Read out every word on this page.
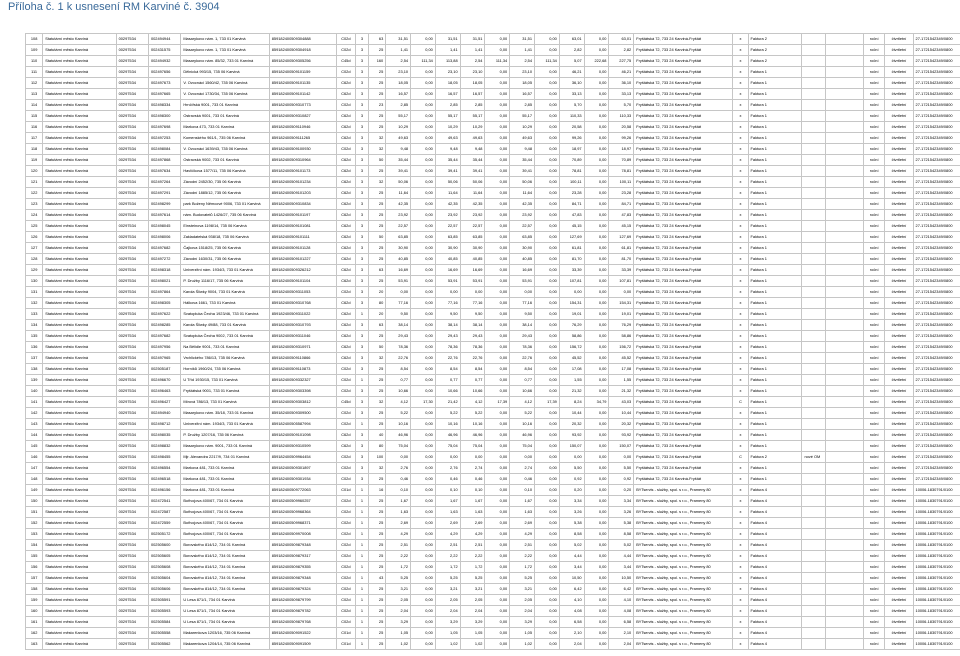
Příloha č. 1 k usnesení RM Karviné č. 3904
108	Statutární město Karviná	00297534	002494944	Masarykovo nám. 1, 733 01 Karviná	859182400509304888	C02d	3	63	31,51	0,00	31,51	31,51	0,00	31,51	0,00	63,01	0,00	63,01	Fryštátská 72, 733 24 Karviná-Fryštát	x	Faktura 2			roční	čtvrtletní	27-1721542349/0800
109	Statutární město Karviná	00297534	002431575	Masarykovo nám. 1, 733 01 Karviná	859182400509304918	C02d	3	25	1,41	0,00	1,41	1,41	0,00	1,41	0,00	2,82	0,00	2,82	Fryštátská 72, 733 24 Karviná-Fryštát	x	Faktura 2			roční	čtvrtletní	27-1721542349/0800
110	Statutární město Karviná	00297534	002494932	Masarykovo nám. 85/32, 733 01 Karviná	859182400509305256	C45d	3	160	2,54	111,34	113,88	2,54	111,34	2,54	111,34	5,07	222,68	227,75	Fryštátská 72, 733 24 Karviná-Fryštát	x	Faktura 2			roční	čtvrtletní	27-1721542349/0800
111	Statutární město Karviná	00297534	002497656	Dělnická 993/15, 735 06 Karviná	859182400509101159	C02d	3	25	23,10	0,00	23,10	23,10	0,00	23,10	0,00	46,21	0,00	46,21	Fryštátská 72, 733 24 Karviná-Fryštát	x	Faktura 1			roční	čtvrtletní	27-1721542349/0800
112	Statutární město Karviná	00297534	002497673	V. Ovocnáci 1560/42, 735 06 Karviná	859182400509101135	C62d	3	25	18,05	0,00	18,05	18,05	0,00	18,05	0,00	36,10	0,00	36,10	Fryštátská 72, 733 24 Karviná-Fryštát	x	Faktura 1			roční	čtvrtletní	27-1721542349/0800
113	Statutární město Karviná	00297534	002497665	V. Ovocnáci 1730/34, 735 06 Karviná	859182400509101142	C62d	3	25	16,57	0,00	16,57	16,57	0,00	16,57	0,00	33,13	0,00	33,13	Fryštátská 72, 733 24 Karviná-Fryštát	x	Faktura 1			roční	čtvrtletní	27-1721542349/0800
114	Statutární město Karviná	00297534	002498334	Hrnčířská 9001, 733 01 Karviná	859182400509310773	C02d	3	23	2,85	0,00	2,85	2,85	0,00	2,85	0,00	5,70	0,00	5,70	Fryštátská 72, 733 24 Karviná-Fryštát	x	Faktura 1			roční	čtvrtletní	27-1721542349/0800
115	Statutární město Karviná	00297534	002498300	Ostravská 9001, 733 01 Karviná	859182400509310827	C62d	3	25	55,17	0,00	55,17	55,17	0,00	55,17	0,00	110,33	0,00	110,33	Fryštátská 72, 733 24 Karviná-Fryštát	x	Faktura 1			roční	čtvrtletní	27-1721542349/0800
116	Statutární město Karviná	00297534	002497698	Markova 473, 733 01 Karviná	859182400509110946	C62d	3	25	10,29	0,00	10,29	10,29	0,00	10,29	0,00	20,58	0,00	20,58	Fryštátská 72, 733 24 Karviná-Fryštát	x	Faktura 1			roční	čtvrtletní	27-1721542349/0800
117	Statutární město Karviná	00297534	002497253	Komenského 961/1, 735 06 Karviná	859182400509111265	C62d	3	32	49,63	0,00	49,63	49,63	0,00	49,63	0,00	99,26	0,00	99,26	Fryštátská 72, 733 24 Karviná-Fryštát	x	Faktura 1			roční	čtvrtletní	27-1721542349/0800
118	Statutární město Karviná	00297534	002498084	V. Ovocnáci 1639/43, 735 06 Karviná	859182400509100930	C02d	3	32	9,48	0,00	9,48	9,48	0,00	9,48	0,00	18,97	0,00	18,97	Fryštátská 72, 733 24 Karviná-Fryštát	x	Faktura 1			roční	čtvrtletní	27-1721542349/0800
119	Statutární město Karviná	00297534	002497868	Ostravská 9002, 733 01 Karviná	859182400509310964	C62d	3	50	35,44	0,00	35,44	35,44	0,00	35,44	0,00	70,89	0,00	70,89	Fryštátská 72, 733 24 Karviná-Fryštát	x	Faktura 1			roční	čtvrtletní	27-1721542349/0800
120	Statutární město Karviná	00297534	002497634	Havlíčkova 1577/11, 735 06 Karviná	859182400509101173	C62d	3	25	39,41	0,00	39,41	39,41	0,00	39,41	0,00	78,81	0,00	78,81	Fryštátská 72, 733 24 Karviná-Fryštát	x	Faktura 1			roční	čtvrtletní	27-1721542349/0800
121	Statutární město Karviná	00297534	002497264	Závodní 2452/30, 735 06 Karviná	859182400509101234	C62d	3	32	50,06	0,00	50,06	50,06	0,00	50,06	0,00	100,11	0,00	100,11	Fryštátská 72, 733 24 Karviná-Fryštát	x	Faktura 1			roční	čtvrtletní	27-1721542349/0800
122	Statutární město Karviná	00297534	002497291	Závodní 1885/12, 735 06 Karviná	859182400509101203	C62d	3	25	11,64	0,00	11,64	11,64	0,00	11,64	0,00	23,28	0,00	23,28	Fryštátská 72, 733 24 Karviná-Fryštát	x	Faktura 1			roční	čtvrtletní	27-1721542349/0800
123	Statutární město Karviná	00297534	002498299	park Boženy Němcové 9006, 733 01 Karviná	859182400509310834	C62d	3	25	42,35	0,00	42,35	42,35	0,00	42,35	0,00	84,71	0,00	84,71	Fryštátská 72, 733 24 Karviná-Fryštát	x	Faktura 1			roční	čtvrtletní	27-1721542349/0800
124	Statutární město Karviná	00297534	002497614	nám. Budovatelů 1426/27, 735 06 Karviná	859182400509101197	C62d	3	25	23,92	0,00	23,92	23,92	0,00	23,92	0,00	47,83	0,00	47,83	Fryštátská 72, 733 24 Karviná-Fryštát	x	Faktura 1			roční	čtvrtletní	27-1721542349/0800
125	Statutární město Karviná	00297534	002498045	Einsteinova 1198/14, 735 06 Karviná	859182400509101081	C62d	3	25	22,57	0,00	22,57	22,57	0,00	22,57	0,00	45,15	0,00	45,15	Fryštátská 72, 733 24 Karviná-Fryštát	x	Faktura 1			roční	čtvrtletní	27-1721542349/0800
126	Statutární město Karviná	00297534	002498006	Zakladatelská 938/18, 735 06 Karviná	859182400509101111	C62d	3	50	63,85	0,00	63,85	63,85	0,00	63,85	0,00	127,69	0,00	127,69	Fryštátská 72, 733 24 Karviná-Fryštát	x	Faktura 1			roční	čtvrtletní	27-1721542349/0800
127	Statutární město Karviná	00297534	002497682	Čajkova 1518/25, 735 06 Karviná	859182400509101128	C62d	3	25	30,90	0,00	30,90	30,90	0,00	30,90	0,00	61,81	0,00	61,81	Fryštátská 72, 733 24 Karviná-Fryštát	x	Faktura 1			roční	čtvrtletní	27-1721542349/0800
128	Statutární město Karviná	00297534	002497272	Závodní 1630/31, 735 06 Karviná	859182400509101227	C62d	3	25	40,85	0,00	40,85	40,85	0,00	40,85	0,00	81,70	0,00	81,70	Fryštátská 72, 733 24 Karviná-Fryštát	x	Faktura 1			roční	čtvrtletní	27-1721542349/0800
129	Statutární město Karviná	00297534	002498318	Univerzitní nám. 1934/3, 733 01 Karviná	859182400509326212	C62d	3	63	16,69	0,00	16,69	16,69	0,00	16,69	0,00	33,39	0,00	33,39	Fryštátská 72, 733 24 Karviná-Fryštát	x	Faktura 1			roční	čtvrtletní	27-1721542349/0800
130	Statutární město Karviná	00297534	002498021	P. Družby 1116/17, 735 06 Karviná	859182400509101104	C62d	3	25	53,91	0,00	53,91	53,91	0,00	53,91	0,00	107,81	0,00	107,81	Fryštátská 72, 733 24 Karviná-Fryštát	x	Faktura 1			roční	čtvrtletní	27-1721542349/0800
131	Statutární město Karviná	00297534	002497864	Karola Śliwky 9004, 733 01 Karviná	859182400509311053	C02d	3	20	0,00	0,00	0,00	0,00	0,00	0,00	0,00	0,00	0,00	0,00	Fryštátská 72, 733 24 Karviná-Fryštát	x	Faktura 1			roční	čtvrtletní	27-1721542349/0800
132	Statutární město Karviná	00297534	002498305	Hálkova 1661, 733 01 Karviná	859182400509310768	C62d	3	80	77,16	0,00	77,16	77,16	0,00	77,16	0,00	154,31	0,00	154,31	Fryštátská 72, 733 24 Karviná-Fryštát	x	Faktura 1			roční	čtvrtletní	27-1721542349/0800
133	Statutární město Karviná	00297534	002497622	Svatopluka Čecha 1923/46, 733 01 Karviná	859182400509311022	C62d	1	20	9,50	0,00	9,50	9,50	0,00	9,50	0,00	19,01	0,00	19,01	Fryštátská 72, 733 24 Karviná-Fryštát	x	Faktura 1			roční	čtvrtletní	27-1721542349/0800
134	Statutární město Karviná	00297534	002498285	Karola Śliwky 49/88, 733 01 Karviná	859182400509310793	C62d	3	63	38,14	0,00	38,14	38,14	0,00	38,14	0,00	76,29	0,00	76,29	Fryštátská 72, 733 24 Karviná-Fryštát	x	Faktura 1			roční	čtvrtletní	27-1721542349/0800
135	Statutární město Karviná	00297534	002497682	Svatopluka Čecha 9002, 733 01 Karviná	859182400509311046	C62d	3	25	29,43	0,00	29,43	29,43	0,00	29,43	0,00	58,86	0,00	58,86	Fryštátská 72, 733 24 Karviná-Fryštát	x	Faktura 1			roční	čtvrtletní	27-1721542349/0800
136	Statutární město Karviná	00297534	002497956	Na Bělidle 9001, 733 01 Karviná	859182400509310971	C62d	3	50	78,36	0,00	78,36	78,36	0,00	78,36	0,00	156,72	0,00	156,72	Fryštátská 72, 733 24 Karviná-Fryštát	x	Faktura 1			roční	čtvrtletní	27-1721542349/0800
137	Statutární město Karviná	00297534	002497965	Vrchlického 786/13, 735 06 Karviná	859182400509110866	C62d	3	32	22,76	0,00	22,76	22,76	0,00	22,76	0,00	45,52	0,00	45,52	Fryštátská 72, 733 24 Karviná-Fryštát	x	Faktura 1			roční	čtvrtletní	27-1721542349/0800
138	Statutární město Karviná	00297534	002505187	Horníků 1960/24, 735 06 Karviná	859182400509110873	C02d	3	25	8,54	0,00	8,54	8,54	0,00	8,54	0,00	17,08	0,00	17,08	Fryštátská 72, 733 24 Karviná-Fryštát	x	Faktura 1			roční	čtvrtletní	27-1721542349/0800
139	Statutární město Karviná	00297534	002496670	U Tříd 1930/15, 733 01 Karviná	859182400509332327	C02d	1	25	0,77	0,00	0,77	0,77	0,00	0,77	0,00	1,55	0,00	1,55	Fryštátská 72, 733 24 Karviná-Fryštát	x	Faktura 1			roční	čtvrtletní	27-1721542349/0800
140	Statutární město Karviná	00297534	002496463	Fryštátská 9001, 733 01 Karviná	859182400509303398	C02d	3	25	10,66	0,00	10,66	10,66	0,00	10,66	0,00	21,32	0,00	21,32	Fryštátská 72, 733 24 Karviná-Fryštát	x	Faktura 1			roční	čtvrtletní	27-1721542349/0800
141	Statutární město Karviná	00297534	002496427	Mírová 786/13, 733 01 Karviná	859182400509303812	C45d	3	32	4,12	17,30	21,42	4,12	17,39	4,12	17,39	8,24	34,79	43,03	Fryštátská 72, 733 24 Karviná-Fryštát	C	Faktura 1			roční	čtvrtletní	27-1721542349/0800
142	Statutární město Karviná	00297534	002494940	Masarykovo nám. 35/18, 733 01 Karviná	859182400509309500	C02d	3	25	5,22	0,00	5,22	5,22	0,00	5,22	0,00	10,44	0,00	10,44	Fryštátská 72, 733 24 Karviná-Fryštát	x	Faktura 1			roční	čtvrtletní	27-1721542349/0800
143	Statutární město Karviná	00297534	002498712	Univerzitní nám. 1934/3, 733 01 Karviná	859182400505587994	C02d	1	25	10,16	0,00	10,16	10,16	0,00	10,16	0,00	20,32	0,00	20,32	Fryštátská 72, 733 24 Karviná-Fryštát	x	Faktura 1			roční	čtvrtletní	27-1721542349/0800
144	Statutární město Karviná	00297534	002498035	P. Družby 1207/16, 735 06 Karviná	859182400509101098	C62d	3	40	46,96	0,00	46,96	46,96	0,00	46,96	0,00	93,92	0,00	93,92	Fryštátská 72, 733 24 Karviná-Fryštát	x	Faktura 1			roční	čtvrtletní	27-1721542349/0800
145	Statutární město Karviná	00297534	002498832	Masarykovo nám. 9001, 733 01 Karviná	859182400509310599	C62d	3	80	75,04	0,00	75,04	75,04	0,00	75,04	0,00	150,07	0,00	150,07	Fryštátská 72, 733 24 Karviná-Fryštát	x	Faktura 1			roční	čtvrtletní	27-1721542349/0800
146	Statutární město Karviná	00297534	002498455	Mjr. Alexandra 2217/9, 734 01 Karviná	859182400509964454	C02d	3	100	0,00	0,00	0,00	0,00	0,00	0,00	0,00	0,00	0,00	0,00	Fryštátská 72, 733 24 Karviná-Fryštát	C	Faktura 2	nové OM		roční	čtvrtletní	27-1721542349/0800
147	Statutární město Karviná	00297534	002496554	Markova 481, 733 01 Karviná	859182400509301897	C02d	3	32	2,76	0,00	2,76	2,74	0,00	2,74	0,00	5,50	0,00	5,50	Fryštátská 72, 733 24 Karviná-Fryštát	x	Faktura 1			roční	čtvrtletní	27-1721542349/0800
148	Statutární město Karviná	00297534	002496518	Markova 481, 733 01 Karviná	859182400509301934	C02d	3	25	0,46	0,00	0,46	0,46	0,00	0,46	0,00	0,92	0,00	0,92	Fryštátská 72, 733 24 Karviná-Fryštát	x	Faktura 1			roční	čtvrtletní	27-1721542349/0800
149	Statutární město Karviná	00297534	002496156	Markova 481, 733 01 Karviná	859182400509772063	C01d	1	16	0,10	0,00	0,10	0,10	0,00	0,10	0,00	0,20	0,00	0,20	BYTservis - služby, spol. s r.o., Prameny 80	x	Faktura 4			roční	čtvrtletní	10006-1830791/0100
150	Statutární město Karviná	00297534	002472541	Bořivojova 400/67, 734 01 Karviná	859182400509960257	C02d	1	25	1,67	0,00	1,67	1,67	0,00	1,67	0,00	3,34	0,00	3,34	BYTservis - služby, spol. s r.o., Prameny 80	x	Faktura 4			roční	čtvrtletní	10006-1830791/0100
151	Statutární město Karviná	00297534	002472587	Bořivojova 400/67, 734 01 Karviná	859182400509968364	C02d	1	25	1,63	0,00	1,63	1,63	0,00	1,63	0,00	3,26	0,00	3,26	BYTservis - služby, spol. s r.o., Prameny 80	x	Faktura 4			roční	čtvrtletní	10006-1830791/0100
152	Statutární město Karviná	00297534	002472559	Bořivojova 400/67, 734 01 Karviná	859182400509968371	C02d	1	25	2,69	0,00	2,69	2,69	0,00	2,69	0,00	5,38	0,00	5,38	BYTservis - služby, spol. s r.o., Prameny 80	x	Faktura 4			roční	čtvrtletní	10006-1830791/0100
153	Statutární město Karviná	00297534	002505172	Bořivojova 400/67, 734 01 Karviná	859182400509970008	C02d	1	25	4,29	0,00	4,29	4,29	0,00	4,29	0,00	8,58	0,00	8,58	BYTservis - služby, spol. s r.o., Prameny 80	x	Faktura 4			roční	čtvrtletní	10006-1830791/0100
154	Statutární město Karviná	00297534	002505600	Borovského 814/12, 734 01 Karviná	859182400509879348	C02d	1	25	2,51	0,00	2,51	2,51	0,00	2,51	0,00	5,02	0,00	5,02	BYTservis - služby, spol. s r.o., Prameny 80	x	Faktura 4			roční	čtvrtletní	10006-1830791/0100
155	Statutární město Karviná	00297534	002505605	Borovského 814/12, 734 01 Karviná	859182400509879317	C02d	1	25	2,22	0,00	2,22	2,22	0,00	2,22	0,00	4,44	0,00	4,44	BYTservis - služby, spol. s r.o., Prameny 80	x	Faktura 4			roční	čtvrtletní	10006-1830791/0100
156	Statutární město Karviná	00297534	002505608	Borovského 814/12, 734 01 Karviná	859182400509879355	C02d	1	25	1,72	0,00	1,72	1,72	0,00	1,72	0,00	3,44	0,00	3,44	BYTservis - služby, spol. s r.o., Prameny 80	x	Faktura 4			roční	čtvrtletní	10006-1830791/0100
157	Statutární město Karviná	00297534	002505604	Borovského 814/12, 734 01 Karviná	859182400509879348	C02d	1	43	5,25	0,00	5,25	5,25	0,00	5,25	0,00	10,50	0,00	10,50	BYTservis - služby, spol. s r.o., Prameny 80	x	Faktura 4			roční	čtvrtletní	10006-1830791/0100
158	Statutární město Karviná	00297534	002505606	Borovského 814/12, 734 01 Karviná	859182400509879324	C02d	1	25	3,21	0,00	3,21	3,21	0,00	3,21	0,00	6,42	0,00	6,42	BYTservis - služby, spol. s r.o., Prameny 80	x	Faktura 4			roční	čtvrtletní	10006-1830791/0100
159	Statutární město Karviná	00297534	002505591	U Lesa 871/1, 734 01 Karviná	859182400509879799	C02d	1	25	2,05	0,00	2,05	2,05	0,00	2,05	0,00	4,10	0,00	4,10	BYTservis - služby, spol. s r.o., Prameny 80	x	Faktura 4			roční	čtvrtletní	10006-1830791/0100
160	Statutární město Karviná	00297534	002505593	U Lesa 871/1, 734 01 Karviná	859182400509879782	C02d	1	25	2,04	0,00	2,04	2,04	0,00	2,04	0,00	4,08	0,00	4,08	BYTservis - služby, spol. s r.o., Prameny 80	x	Faktura 4			roční	čtvrtletní	10006-1830791/0100
161	Statutární město Karviná	00297534	002505584	U Lesa 871/1, 734 01 Karviná	859182400509879768	C02d	1	25	3,29	0,00	3,29	3,29	0,00	3,29	0,00	6,58	0,00	6,58	BYTservis - služby, spol. s r.o., Prameny 80	x	Faktura 4			roční	čtvrtletní	10006-1830791/0100
162	Statutární město Karviná	00297534	002505558	Makarenkova 1203/16, 735 06 Karviná	859182400509091522	C01d	1	25	1,05	0,00	1,05	1,05	0,00	1,05	0,00	2,10	0,00	2,10	BYTservis - služby, spol. s r.o., Prameny 80	x	Faktura 4			roční	čtvrtletní	10006-1830791/0100
163	Statutární město Karviná	00297534	002505562	Makarenkova 1204/14, 735 06 Karviná	859182400509091509	C01d	1	25	1,02	0,00	1,02	1,02	0,00	1,02	0,00	2,04	0,00	2,04	BYTservis - služby, spol. s r.o., Prameny 80	x	Faktura 4			roční	čtvrtletní	10006-1830791/0100
